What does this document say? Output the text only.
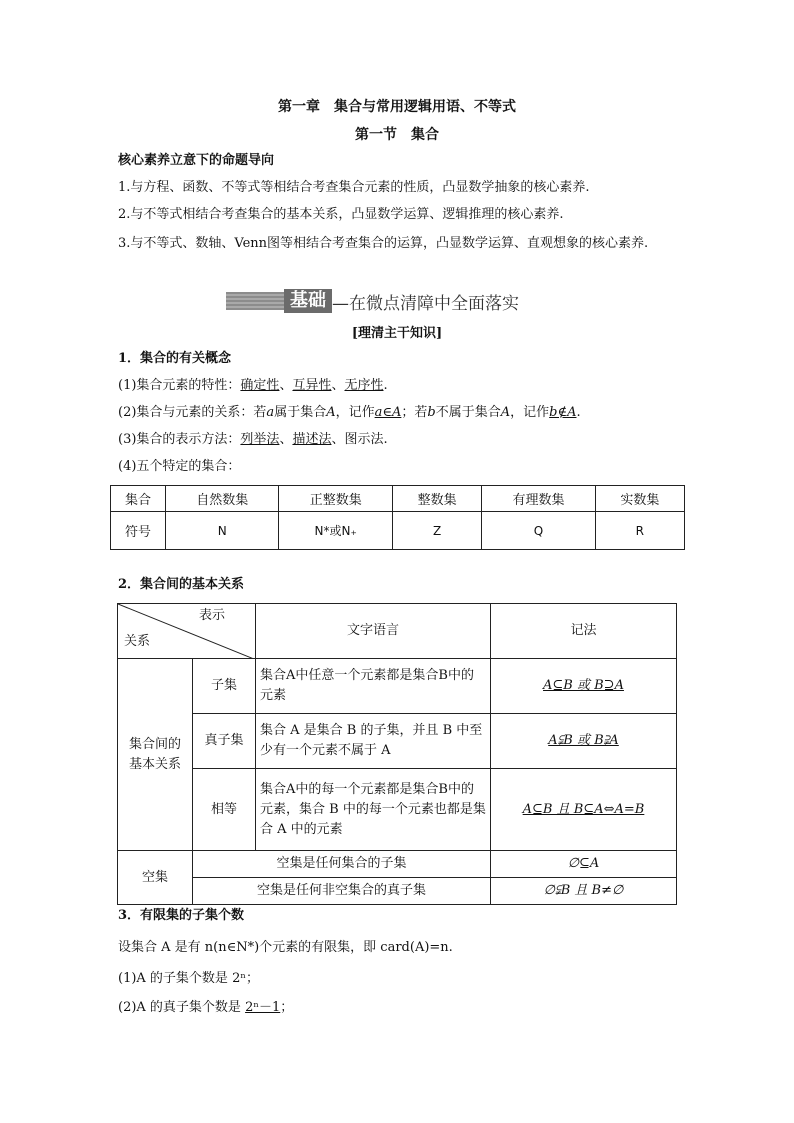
第一章　集合与常用逻辑用语、不等式
第一节　集合
核心素养立意下的命题导向
1.与方程、函数、不等式等相结合考查集合元素的性质，凸显数学抽象的核心素养.
2.与不等式相结合考查集合的基本关系，凸显数学运算、逻辑推理的核心素养.
3.与不等式、数轴、Venn图等相结合考查集合的运算，凸显数学运算、直观想象的核心素养.
基础 —在微点清障中全面落实
[理清主干知识]
1．集合的有关概念
(1)集合元素的特性：确定性、互异性、无序性.
(2)集合与元素的关系：若a属于集合A，记作a∈A；若b不属于集合A，记作b∉A.
(3)集合的表示方法：列举法、描述法、图示法.
(4)五个特定的集合：
集合	自然数集	正整数集	整数集	有理数集	实数集
符号	N	N*或N₊	Z	Q	R
2．集合间的基本关系
表示
关系		文字语言	记法
集合间的基本关系	子集	集合A中任意一个元素都是集合B中的元素	A⊆B 或 B⊇A
	真子集	集合 A 是集合 B 的子集，并且 B 中至少有一个元素不属于 A	A⫋B 或 B⫌A
	相等	集合A中的每一个元素都是集合B中的元素，集合 B 中的每一个元素也都是集合 A 中的元素	A⊆B 且 B⊆A⇔A=B
空集	空集是任何集合的子集		∅⊆A
	空集是任何非空集合的真子集		∅⫋B 且 B≠∅
3．有限集的子集个数
设集合 A 是有 n(n∈N*)个元素的有限集，即 card(A)=n.
(1)A 的子集个数是 2ⁿ；
(2)A 的真子集个数是 2ⁿ－1；
